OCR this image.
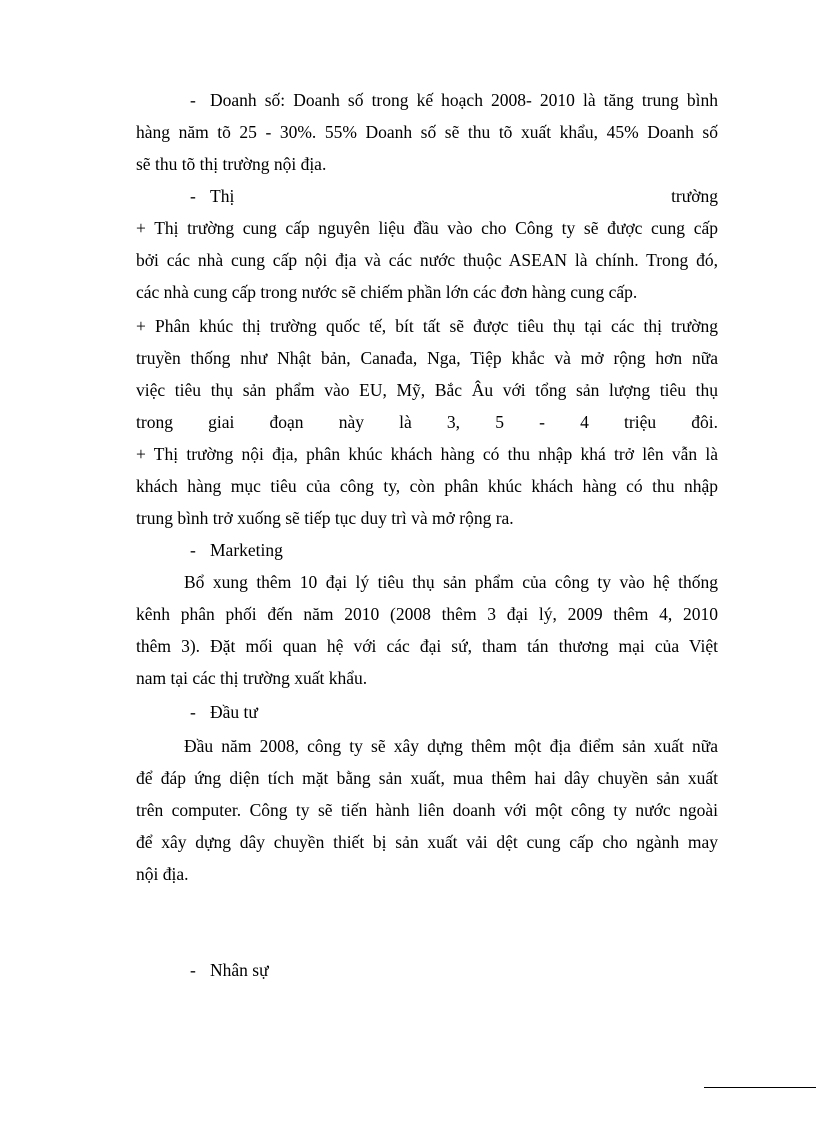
- Doanh số: Doanh số trong kế hoạch 2008- 2010 là tăng trung bình
hàng năm tõ 25 - 30%. 55% Doanh số sẽ thu tõ xuất khẩu, 45% Doanh số
sẽ thu tõ thị trường nội địa.
- Thị	trường
+ Thị trường cung cấp nguyên liệu đầu vào cho Công ty sẽ được cung cấp
bởi các nhà cung cấp nội địa và các nước thuộc ASEAN là chính. Trong đó,
các nhà cung cấp trong nước sẽ chiếm phần lớn các đơn hàng cung cấp.
+ Phân khúc thị trường quốc tế, bít tất sẽ được tiêu thụ tại các thị trường
truyền thống như Nhật bản, Canađa, Nga, Tiệp khắc và mở rộng hơn nữa
việc tiêu thụ sản phẩm vào EU, Mỹ, Bắc Âu với tổng sản lượng tiêu thụ
trong giai đoạn này là 3, 5 - 4 triệu đôi.
+ Thị trường nội địa, phân khúc khách hàng có thu nhập khá trở lên vẫn là
khách hàng mục tiêu của công ty, còn phân khúc khách hàng có thu nhập
trung bình trở xuống sẽ tiếp tục duy trì và mở rộng ra.
- Marketing
Bổ xung thêm 10 đại lý tiêu thụ sản phẩm của công ty vào hệ thống
kênh phân phối đến năm 2010 (2008 thêm 3 đại lý, 2009 thêm 4, 2010
thêm 3). Đặt mối quan hệ với các đại sứ, tham tán thương mại của Việt
nam tại các thị trường xuất khẩu.
- Đầu tư
Đầu năm 2008, công ty sẽ xây dựng thêm một địa điểm sản xuất nữa
để đáp ứng diện tích mặt bằng sản xuất, mua thêm hai dây chuyền sản xuất
trên computer. Công ty sẽ tiến hành liên doanh với một công ty nước ngoài
để xây dựng dây chuyền thiết bị sản xuất vải dệt cung cấp cho ngành may
nội địa.
- Nhân sự
